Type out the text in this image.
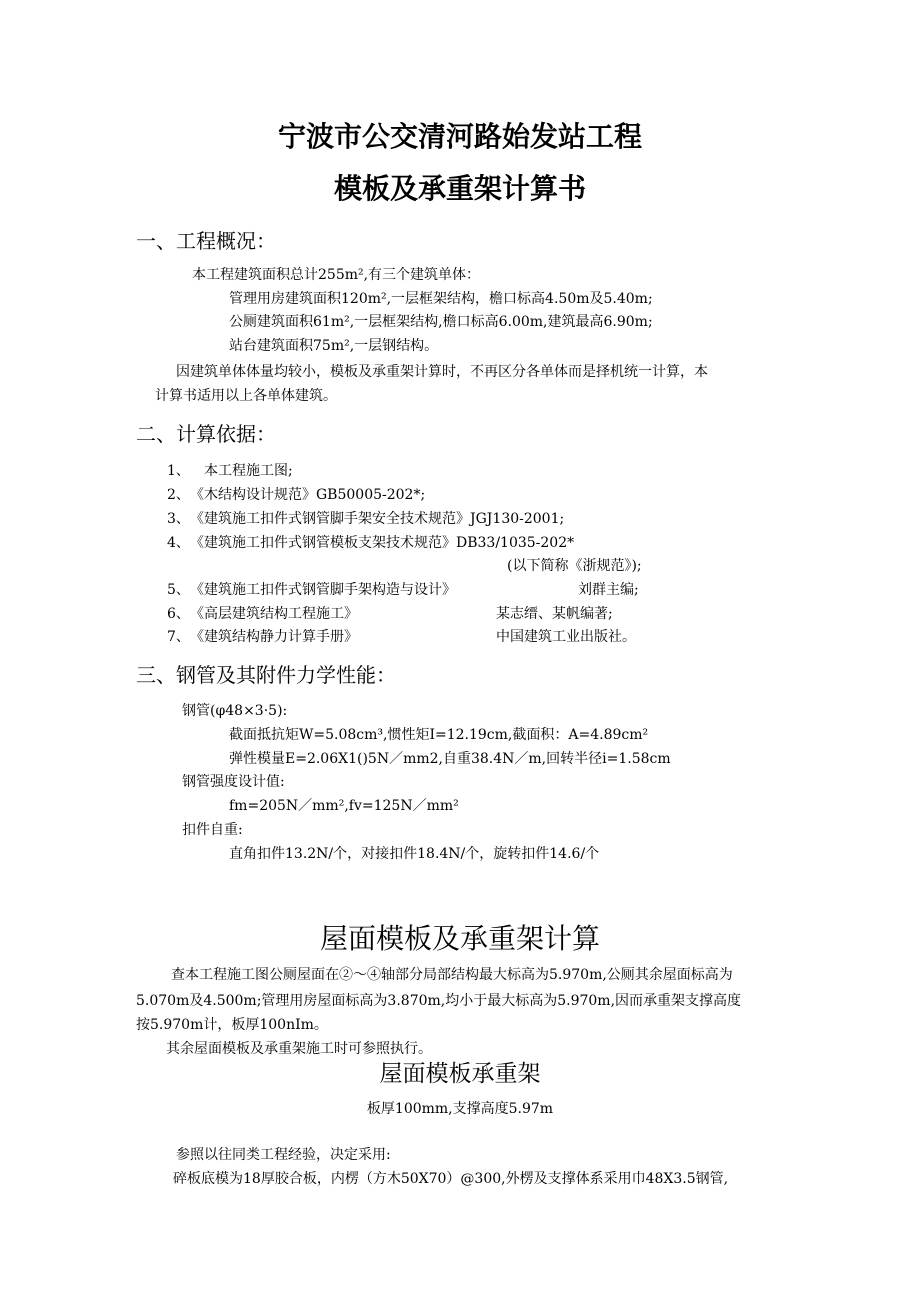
宁波市公交清河路始发站工程
模板及承重架计算书
一、工程概况：
本工程建筑面积总计255m²,有三个建筑单体：
管理用房建筑面积120m²,一层框架结构，檐口标高4.50m及5.40m;
公厕建筑面积61m²,一层框架结构,檐口标高6.00m,建筑最高6.90m;
站台建筑面积75m²,一层钢结构。
因建筑单体体量均较小，模板及承重架计算时，不再区分各单体而是择机统一计算，本
计算书适用以上各单体建筑。
二、计算依据：
1、 本工程施工图;
2、 《木结构设计规范》GB50005-202*;
3、 《建筑施工扣件式钢管脚手架安全技术规范》JGJ130-2001;
4、 《建筑施工扣件式钢管模板支架技术规范》DB33/1035-202*
(以下简称《浙规范》);
5、 《建筑施工扣件式钢管脚手架构造与设计》	刘群主编;
6、 《高层建筑结构工程施工》	某志缙、某帆编著;
7、 《建筑结构静力计算手册》	中国建筑工业出版社。
三、钢管及其附件力学性能：
钢管(φ48×3·5):
截面抵抗矩W=5.08cm³,惯性矩I=12.19cm,截面积：A=4.89cm²
弹性模量E=2.06X1()5N／mm2,自重38.4N／m,回转半径i=1.58cm
钢管强度设计值:
fm=205N／mm²,fv=125N／mm²
扣件自重:
直角扣件13.2N/个，对接扣件18.4N/个，旋转扣件14.6/个
屋面模板及承重架计算
查本工程施工图公厕屋面在②～④轴部分局部结构最大标高为5.970m,公厕其余屋面标高为
5.070m及4.500m;管理用房屋面标高为3.870m,均小于最大标高为5.970m,因而承重架支撑高度
按5.970m计，板厚100nIm。
其余屋面模板及承重架施工时可参照执行。
屋面模板承重架
板厚100mm,支撑高度5.97m
参照以往同类工程经验，决定采用:
碎板底模为18厚胶合板，内楞（方木50X70）@300,外楞及支撑体系采用巾48X3.5钢管,
